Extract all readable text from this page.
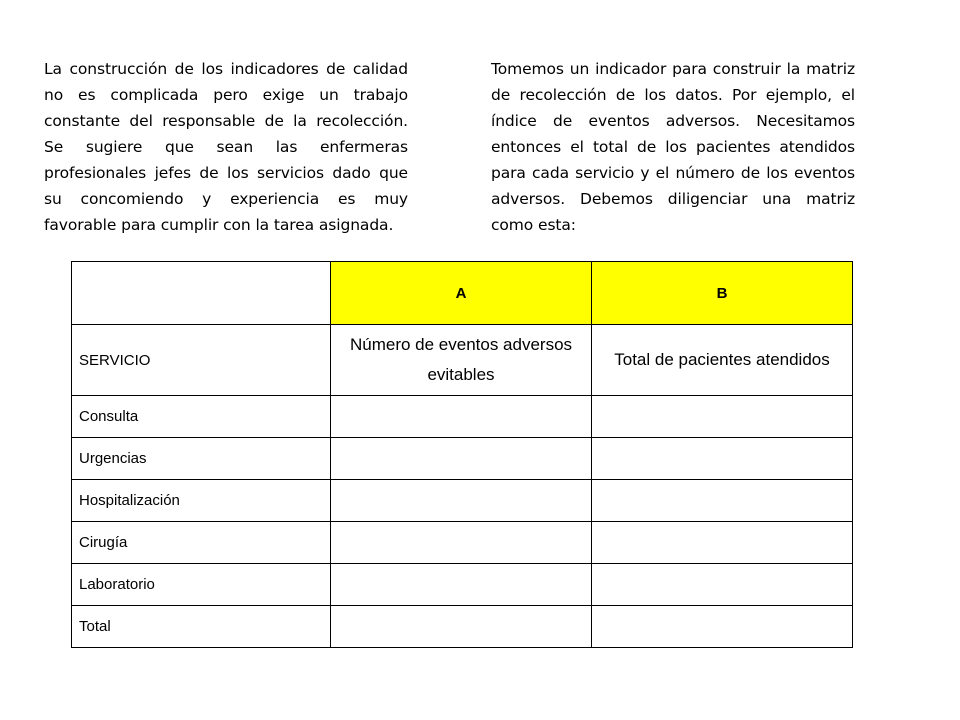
La construcción de los indicadores de calidad no es complicada pero exige un trabajo constante del responsable de la recolección. Se sugiere que sean las enfermeras profesionales jefes de los servicios dado que su concomiendo y experiencia es muy favorable para cumplir con la tarea asignada.

Tomemos un indicador para construir la matriz de recolección de los datos. Por ejemplo, el índice de eventos adversos. Necesitamos entonces el total de los pacientes atendidos para cada servicio y el número de los eventos adversos. Debemos diligenciar una matriz como esta:

	A	B
SERVICIO	Número de eventos adversos evitables	Total de pacientes atendidos
Consulta		
Urgencias		
Hospitalización		
Cirugía		
Laboratorio		
Total		
